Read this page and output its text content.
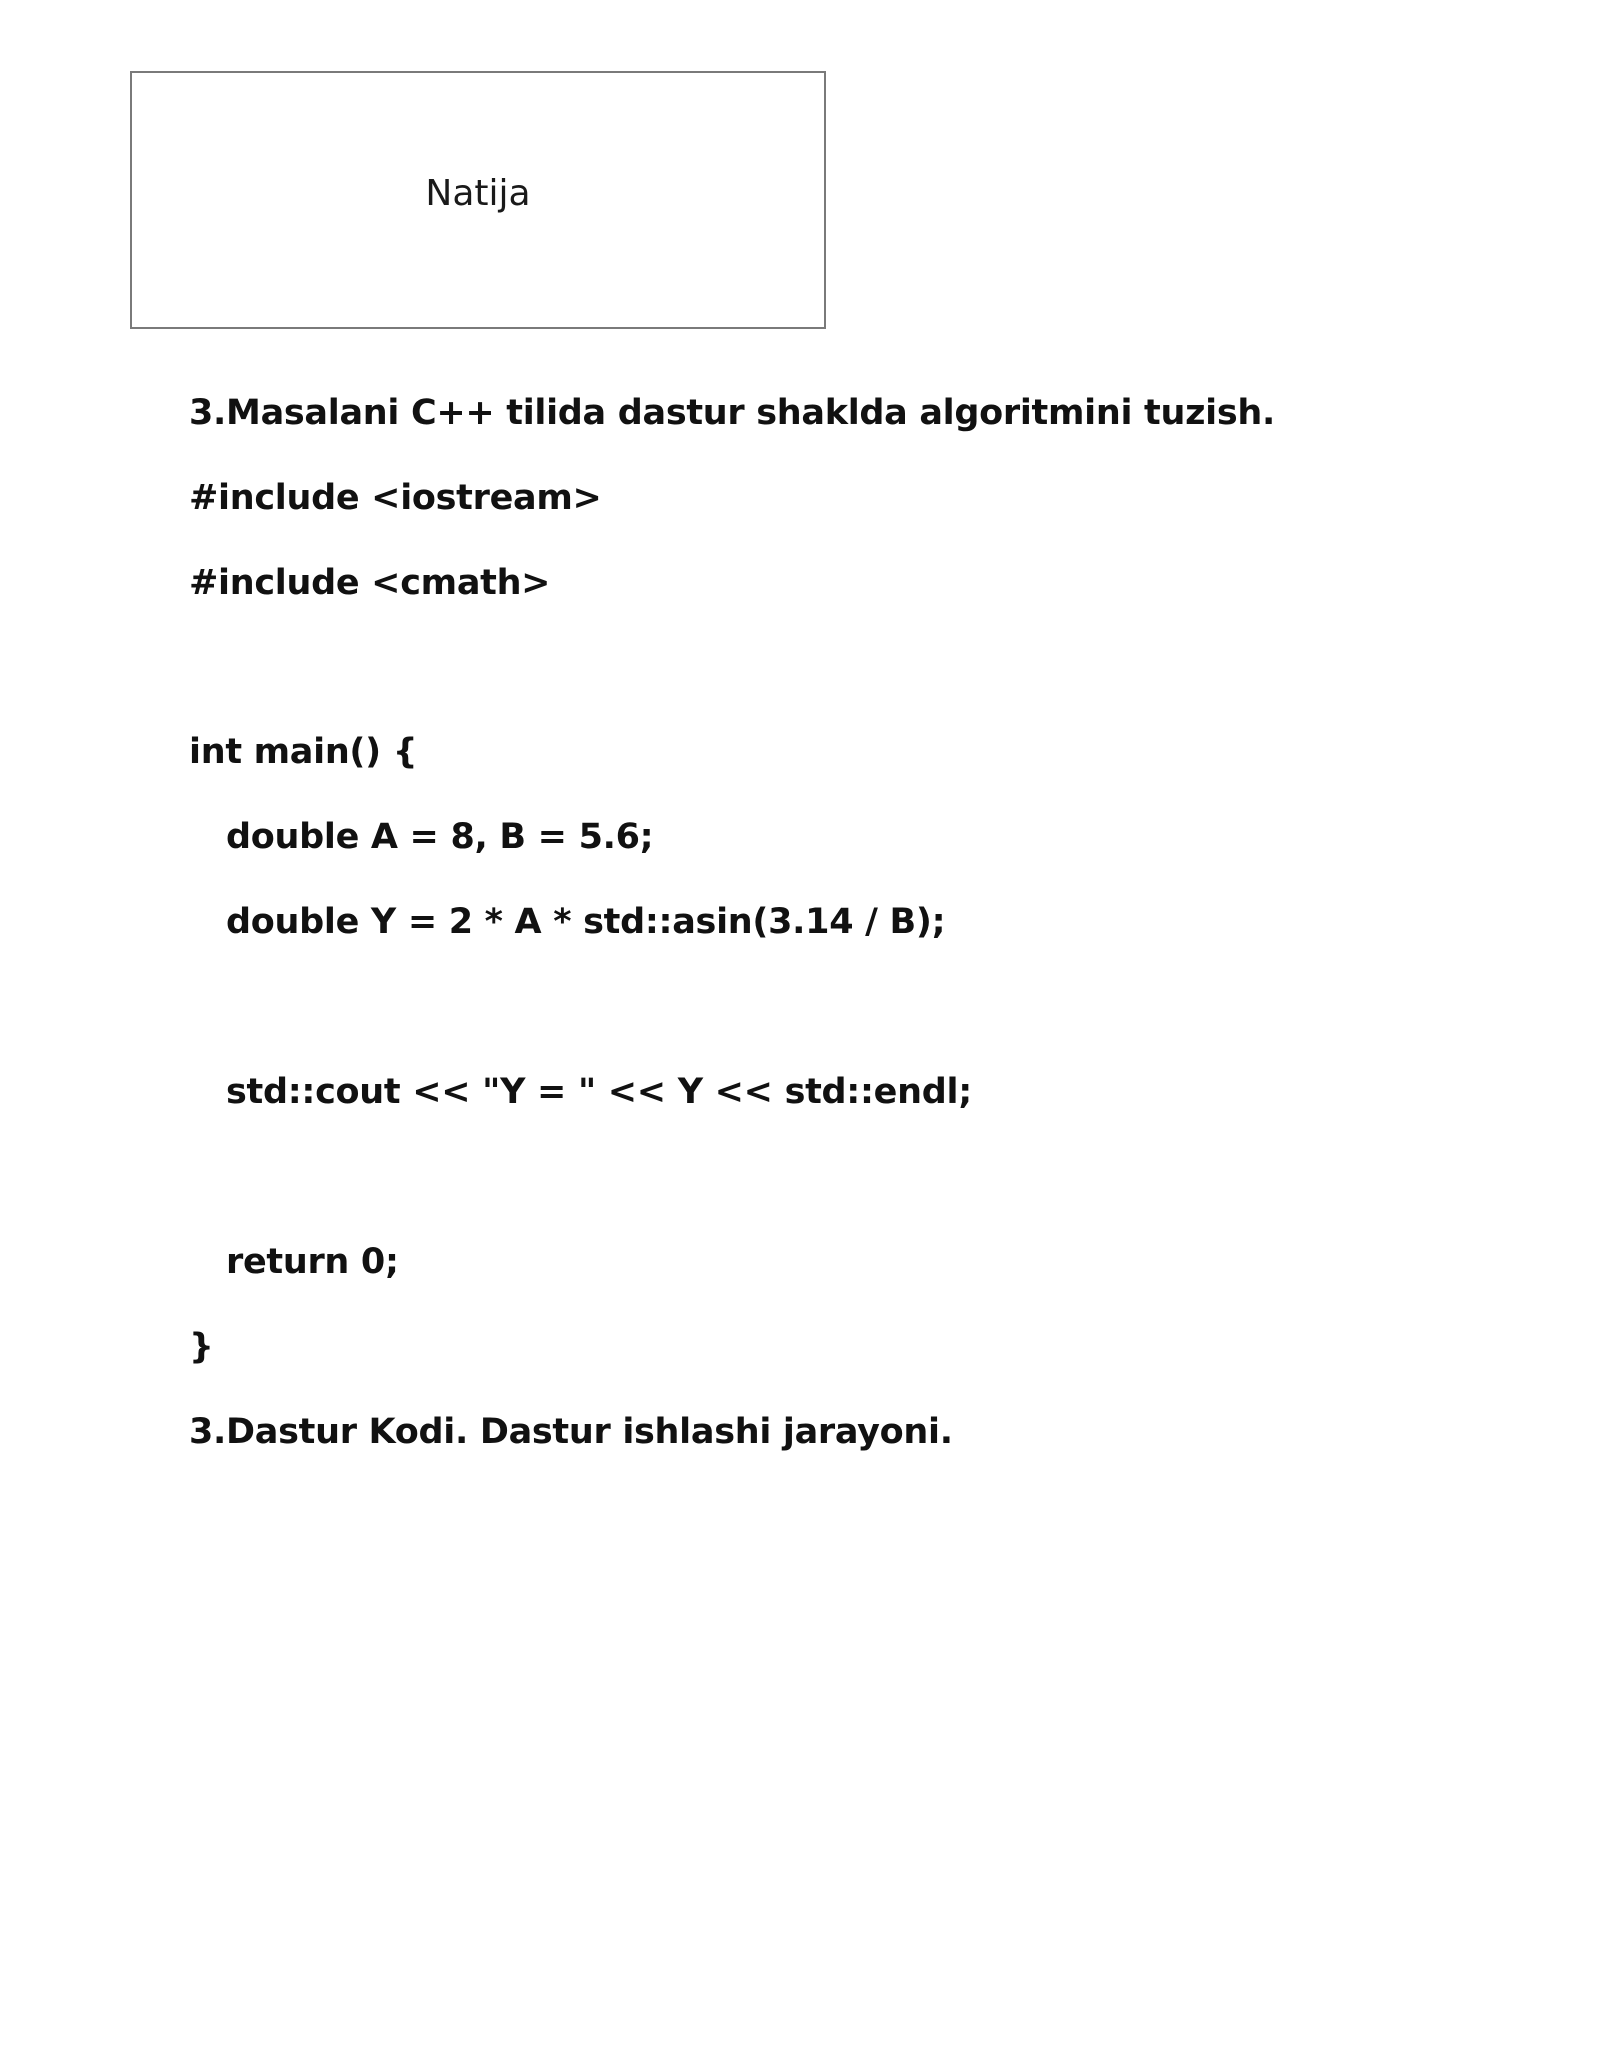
Natija
3.Masalani C++ tilida dastur shaklda algoritmini tuzish.
#include <iostream>
#include <cmath>
int main() {
double A = 8, B = 5.6;
double Y = 2 * A * std::asin(3.14 / B);
std::cout << "Y = " << Y << std::endl;
return 0;
}
3.Dastur Kodi. Dastur ishlashi jarayoni.
